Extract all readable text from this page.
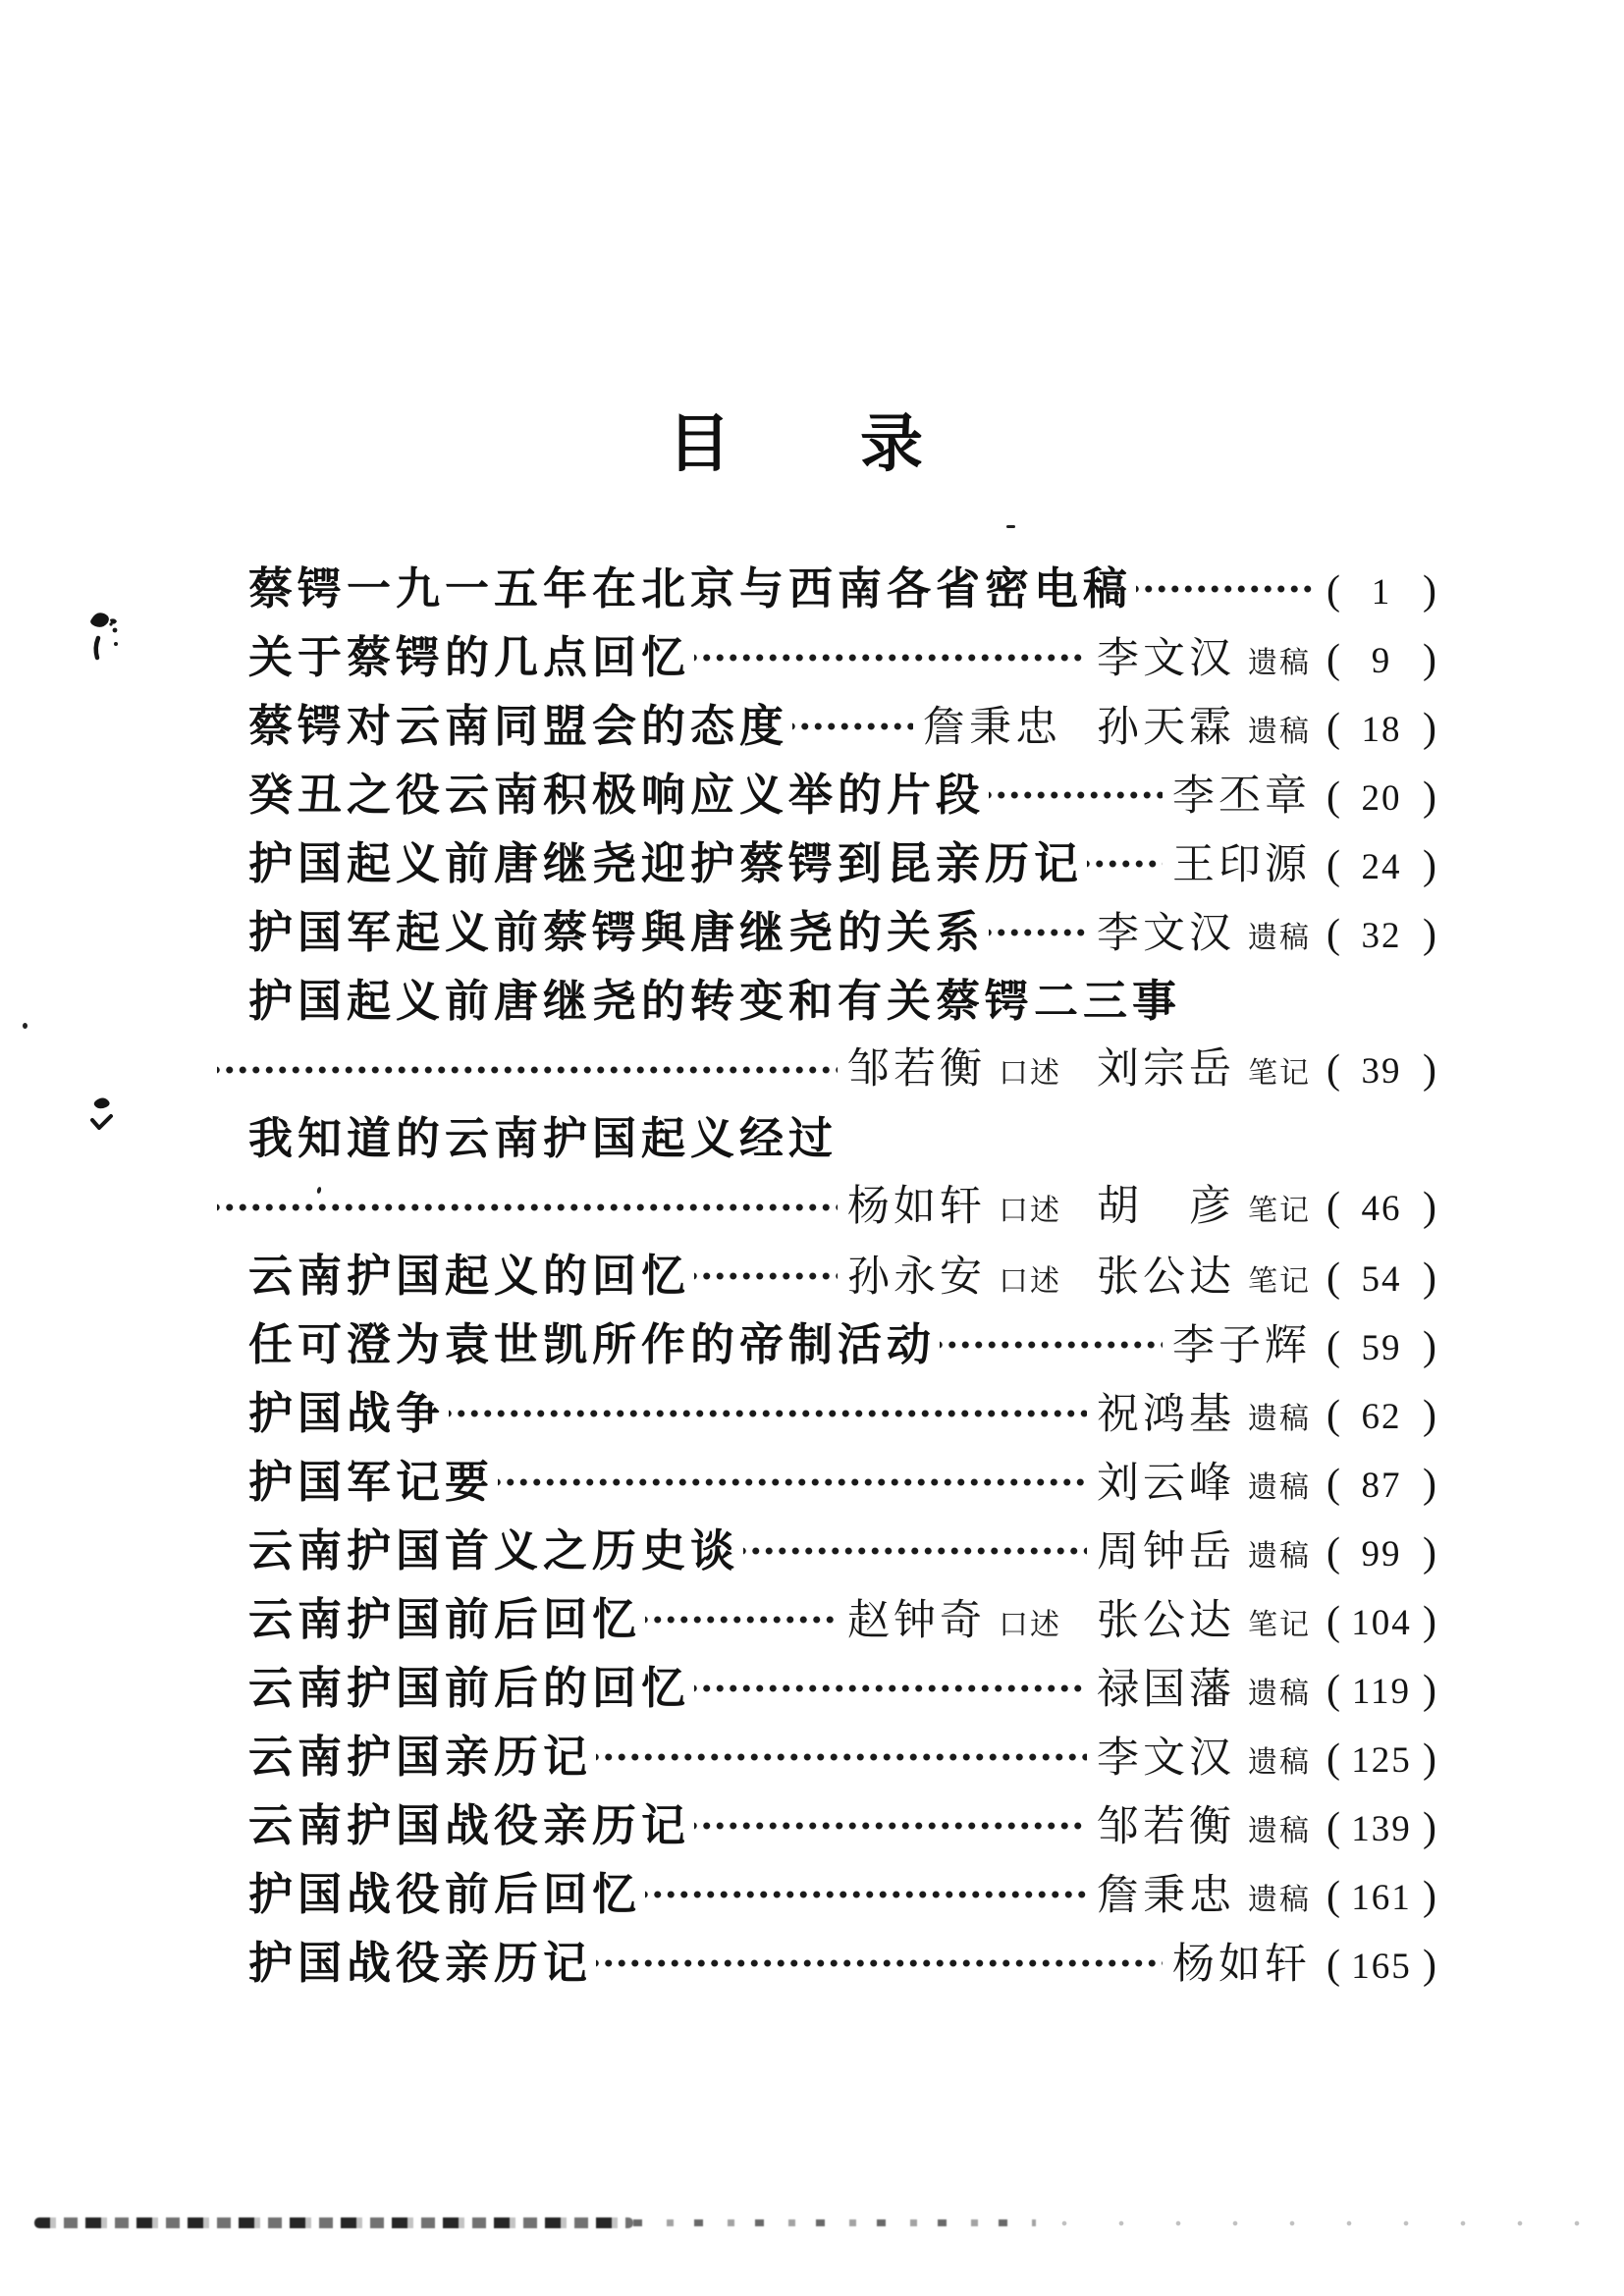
目 录
蔡锷一九一五年在北京与西南各省密电稿	( 1 )
关于蔡锷的几点回忆	李文汉 遗稿 ( 9 )
蔡锷对云南同盟会的态度	詹秉忠 孙天霖 遗稿 ( 18 )
癸丑之役云南积极响应义举的片段	李丕章 ( 20 )
护国起义前唐继尧迎护蔡锷到昆亲历记 王印源 ( 24 )
护国军起义前蔡锷與唐继尧的关系	李文汉 遗稿 ( 32 )
护国起义前唐继尧的转变和有关蔡锷二三事
邹若衡 口述 刘宗岳 笔记 ( 39 )
我知道的云南护国起义经过
杨如轩 口述 胡　彦 笔记 ( 46 )
云南护国起义的回忆	孙永安 口述 张公达 笔记 ( 54 )
任可澄为袁世凯所作的帝制活动	李子辉 ( 59 )
护国战争	祝鸿基 遗稿 ( 62 )
护国军记要	刘云峰 遗稿 ( 87 )
云南护国首义之历史谈	周钟岳 遗稿 ( 99 )
云南护国前后回忆	赵钟奇 口述 张公达 笔记 ( 104 )
云南护国前后的回忆	禄国藩 遗稿 ( 119 )
云南护国亲历记	李文汉 遗稿 ( 125 )
云南护国战役亲历记	邹若衡 遗稿 ( 139 )
护国战役前后回忆	詹秉忠 遗稿 ( 161 )
护国战役亲历记	杨如轩 ( 165 )
